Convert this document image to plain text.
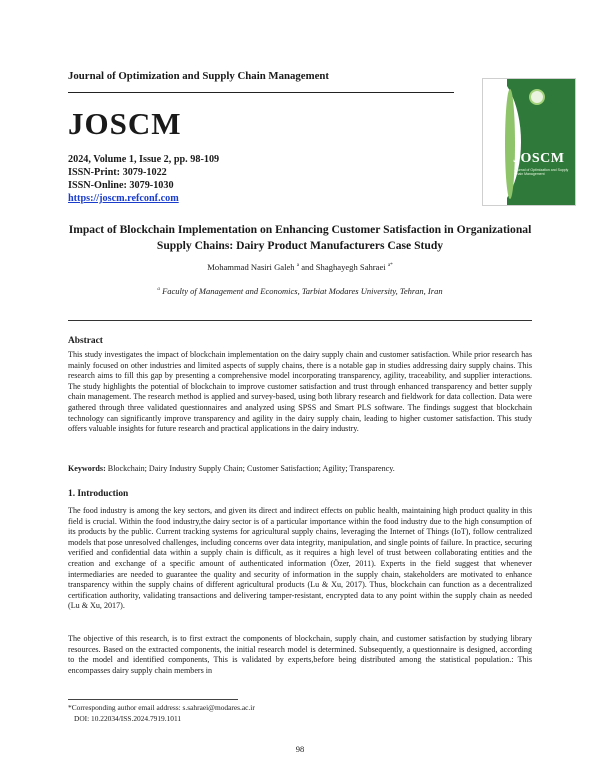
Journal of Optimization and Supply Chain Management
JOSCM
2024, Volume 1, Issue 2, pp. 98-109
ISSN-Print: 3079-1022
ISSN-Online: 3079-1030
https://joscm.refconf.com
JOSCM
Journal of Optimization and Supply Chain Management
Impact of Blockchain Implementation on Enhancing Customer Satisfaction in Organizational Supply Chains: Dairy Product Manufacturers Case Study
Mohammad Nasiri Galeh $^a$ and Shaghayegh Sahraei $^{a*}$
$^a$ Faculty of Management and Economics, Tarbiat Modares University, Tehran, Iran
Abstract
This study investigates the impact of blockchain implementation on the dairy supply chain and customer satisfaction. While prior research has mainly focused on other industries and limited aspects of supply chains, there is a notable gap in studies addressing dairy supply chains. This research aims to fill this gap by presenting a comprehensive model incorporating transparency, agility, traceability, and supplier interactions. The study highlights the potential of blockchain to improve customer satisfaction and trust through enhanced transparency and better supply chain management. The research method is applied and survey-based, using both library research and fieldwork for data collection. Data were gathered through three validated questionnaires and analyzed using SPSS and Smart PLS software. The findings suggest that blockchain technology can significantly improve transparency and agility in the dairy supply chain, leading to higher customer satisfaction. This study offers valuable insights for future research and practical applications in the dairy industry.
Keywords: Blockchain; Dairy Industry Supply Chain; Customer Satisfaction; Agility; Transparency.
1. Introduction
The food industry is among the key sectors, and given its direct and indirect effects on public health, maintaining high product quality in this field is crucial. Within the food industry,the dairy sector is of a particular importance within the food industry due to the high consumption of its products by the public. Current tracking systems for agricultural supply chains, leveraging the Internet of Things (IoT), follow centralized models that pose unresolved challenges, including concerns over data integrity, manipulation, and single points of failure. In practice, securing verified and confidential data within a supply chain is difficult, as it requires a high level of trust between collaborating entities and the creation and exchange of a specific amount of authenticated information (Özer, 2011). Experts in the field suggest that whenever intermediaries are needed to guarantee the quality and security of information in the supply chain, stakeholders are motivated to enhance transparency within the supply chains of different agricultural products (Lu & Xu, 2017). Thus, blockchain can function as a decentralized certification authority, validating transactions and delivering tamper-resistant, encrypted data to any point within the supply chain as needed (Lu & Xu, 2017).
The objective of this research, is to first extract the components of blockchain, supply chain, and customer satisfaction by studying library resources. Based on the extracted components, the initial research model is determined. Subsequently, a questionnaire is designed, according to the model and identified components, This is validated by experts,before being distributed among the statistical population.: This encompasses dairy supply chain members in
*Corresponding author email address: s.sahraei@modares.ac.ir
DOI: 10.22034/ISS.2024.7919.1011
98
